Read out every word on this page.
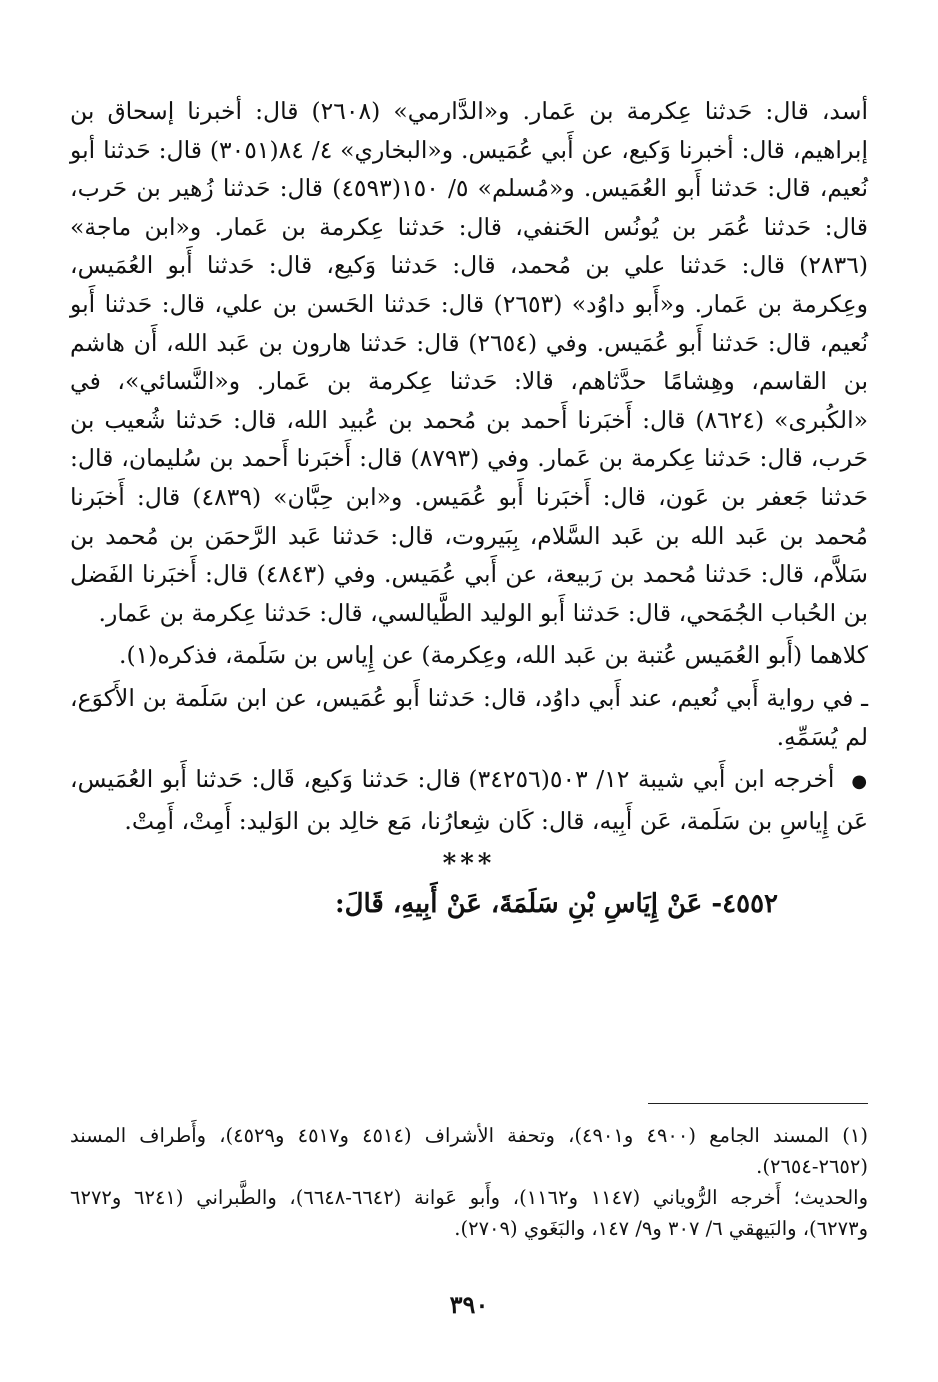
أسد، قال: حَدثنا عِكرمة بن عَمار. و«الدَّارمي» (٢٦٠٨) قال: أخبرنا إسحاق بن إبراهيم، قال: أخبرنا وَكيع، عن أَبي عُمَيس. و«البخاري» ٤/ ٨٤(٣٠٥١) قال: حَدثنا أبو نُعيم، قال: حَدثنا أَبو العُمَيس. و«مُسلم» ٥/ ١٥٠(٤٥٩٣) قال: حَدثنا زُهير بن حَرب، قال: حَدثنا عُمَر بن يُونُس الحَنفي، قال: حَدثنا عِكرمة بن عَمار. و«ابن ماجة» (٢٨٣٦) قال: حَدثنا علي بن مُحمد، قال: حَدثنا وَكيع، قال: حَدثنا أَبو العُمَيس، وعِكرمة بن عَمار. و«أَبو داوُد» (٢٦٥٣) قال: حَدثنا الحَسن بن علي، قال: حَدثنا أَبو نُعيم، قال: حَدثنا أَبو عُمَيس. وفي (٢٦٥٤) قال: حَدثنا هارون بن عَبد الله، أَن هاشم بن القاسم، وهِشامًا حدَّثاهم، قالا: حَدثنا عِكرمة بن عَمار. و«النَّسائي»، في «الكُبرى» (٨٦٢٤) قال: أَخبَرنا أَحمد بن مُحمد بن عُبيد الله، قال: حَدثنا شُعيب بن حَرب، قال: حَدثنا عِكرمة بن عَمار. وفي (٨٧٩٣) قال: أَخبَرنا أَحمد بن سُليمان، قال: حَدثنا جَعفر بن عَون، قال: أَخبَرنا أَبو عُمَيس. و«ابن حِبَّان» (٤٨٣٩) قال: أَخبَرنا مُحمد بن عَبد الله بن عَبد السَّلام، بِبَيروت، قال: حَدثنا عَبد الرَّحمَن بن مُحمد بن سَلاَّم، قال: حَدثنا مُحمد بن رَبيعة، عن أَبي عُمَيس. وفي (٤٨٤٣) قال: أَخبَرنا الفَضل بن الحُباب الجُمَحي، قال: حَدثنا أَبو الوليد الطَّيالسي، قال: حَدثنا عِكرمة بن عَمار.

كلاهما (أَبو العُمَيس عُتبة بن عَبد الله، وعِكرمة) عن إِياس بن سَلَمة، فذكره(١).

ـ في رواية أَبي نُعيم، عند أَبي داوُد، قال: حَدثنا أَبو عُمَيس، عن ابن سَلَمة بن الأَكوَع، لم يُسَمِّهِ.

●  أخرجه ابن أَبي شيبة ١٢/ ٥٠٣(٣٤٢٥٦) قال: حَدثنا وَكيع، قَال: حَدثنا أَبو العُمَيس، عَن إِياسِ بن سَلَمة، عَن أَبِيه، قال: كَان شِعارُنا، مَع خالِد بن الوَليد: أَمِتْ، أَمِتْ.

***

٤٥٥٢- عَنْ إِيَاسِ بْنِ سَلَمَةَ، عَنْ أَبِيهِ، قَالَ:

(١) المسند الجامع (٤٩٠٠ و٤٩٠١)، وتحفة الأشراف (٤٥١٤ و٤٥١٧ و٤٥٢٩)، وأَطراف المسند (٢٦٥٢-٢٦٥٤).

والحديث؛ أَخرجه الرُّوياني (١١٤٧ و١١٦٢)، وأَبو عَوانة (٦٦٤٢-٦٦٤٨)، والطَّبراني (٦٢٤١ و٦٢٧٢ و٦٢٧٣)، والبَيهقي ٦/ ٣٠٧ و٩/ ١٤٧، والبَغَوي (٢٧٠٩).

٣٩٠
